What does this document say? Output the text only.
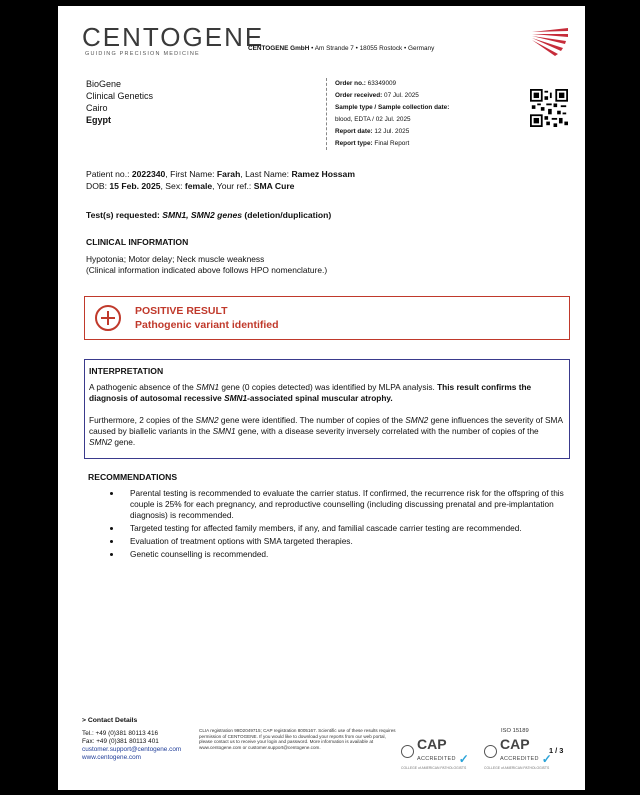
CENTOGENE
GUIDING PRECISION MEDICINE
CENTOGENE GmbH • Am Strande 7 • 18055 Rostock • Germany
BioGene
Clinical Genetics
Cairo
Egypt
Order no.: 63349009
Order received: 07 Jul. 2025
Sample type / Sample collection date:
blood, EDTA / 02 Jul. 2025
Report date: 12 Jul. 2025
Report type: Final Report
Patient no.: 2022340, First Name: Farah, Last Name: Ramez Hossam
DOB: 15 Feb. 2025, Sex: female, Your ref.: SMA Cure
Test(s) requested: SMN1, SMN2 genes (deletion/duplication)
CLINICAL INFORMATION
Hypotonia; Motor delay; Neck muscle weakness
(Clinical information indicated above follows HPO nomenclature.)
POSITIVE RESULT
Pathogenic variant identified
INTERPRETATION
A pathogenic absence of the SMN1 gene (0 copies detected) was identified by MLPA analysis. This result confirms the diagnosis of autosomal recessive SMN1-associated spinal muscular atrophy.
Furthermore, 2 copies of the SMN2 gene were identified. The number of copies of the SMN2 gene influences the severity of SMA caused by biallelic variants in the SMN1 gene, with a disease severity inversely correlated with the number of copies of the SMN2 gene.
RECOMMENDATIONS
• Parental testing is recommended to evaluate the carrier status. If confirmed, the recurrence risk for the offspring of this couple is 25% for each pregnancy, and reproductive counselling (including discussing prenatal and pre-implantation diagnosis) is recommended.
• Targeted testing for affected family members, if any, and familial cascade carrier testing are recommended.
• Evaluation of treatment options with SMA targeted therapies.
• Genetic counselling is recommended.
> Contact Details
Tel.: +49 (0)381 80113 416
Fax: +49 (0)381 80113 401
customer.support@centogene.com
www.centogene.com
CLIA registration 99D2049715; CAP registration 8005167. Scientific use of these results requires permission of CENTOGENE. If you would like to download your reports from our web portal, please contact us to receive your login and password. More information is available at www.centogene.com or customer.support@centogene.com.	CAP
ACCREDITED ✓
COLLEGE of AMERICAN PATHOLOGISTS
ISO 15189
CAP
ACCREDITED ✓
COLLEGE of AMERICAN PATHOLOGISTS
1 / 3
